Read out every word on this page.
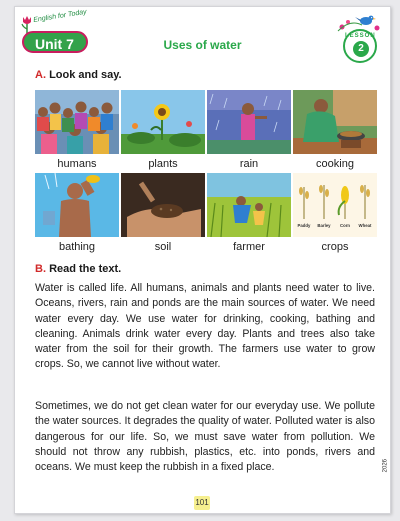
English for Today
Unit 7	Uses of water
LESSON
2
A. Look and say.
humans	plants	rain	cooking
Paddy Barley Corn Wheat
bathing	soil	farmer	crops
B. Read the text.

Water is called life. All humans, animals and plants need water to live. Oceans, rivers, rain and ponds are the main sources of water. We need water every day. We use water for drinking, cooking, bathing and cleaning. Animals drink water every day. Plants and trees also take water from the soil for their growth. The farmers use water to grow crops. So, we cannot live without water.

Sometimes, we do not get clean water for our everyday use. We pollute the water sources. It degrades the quality of water. Polluted water is also dangerous for our life. So, we must save water from pollution. We should not throw any rubbish, plastics, etc. into ponds, rivers and oceans. We must keep the rubbish in a fixed place.	2026
101
